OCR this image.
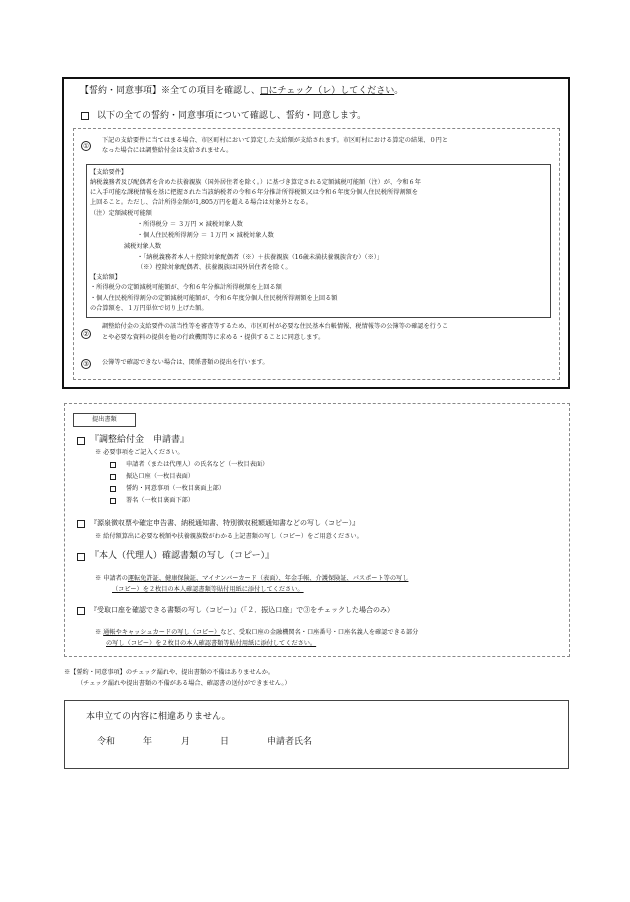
【誓約・同意事項】※全ての項目を確認し、□にチェック（レ）してください。
以下の全ての誓約・同意事項について確認し、誓約・同意します。
①
下記の支給要件に当てはまる場合、市区町村において算定した支給額が支給されます。市区町村における算定の結果、０円と
なった場合には調整給付金は支給されません。
【支給要件】
納税義務者及び配偶者を含めた扶養親族（国外居住者を除く。）に基づき算定される定額減税可能額（注）が、令和６年
に入手可能な課税情報を基に把握された当該納税者の令和６年分推計所得税額又は令和６年度分個人住民税所得割額を
上回ること。ただし、合計所得金額が1,805万円を超える場合は対象外となる。
（注）定額減税可能額
・所得税分 ＝ ３万円 × 減税対象人数
・個人住民税所得割分 ＝ １万円 × 減税対象人数
減税対象人数
・「納税義務者本人＋控除対象配偶者（※）＋扶養親族（16歳未満扶養親族含む）（※）」
（※）控除対象配偶者、扶養親族は国外居住者を除く。
【支給額】
・所得税分の定額減税可能額が、令和６年分推計所得税額を上回る額
・個人住民税所得割分の定額減税可能額が、令和６年度分個人住民税所得割額を上回る額
の合算額を、１万円単位で切り上げた額。
②
調整給付金の支給要件の該当性等を審査等するため、市区町村が必要な住民基本台帳情報、税情報等の公簿等の確認を行うこ
とや必要な資料の提供を他の行政機関等に求める・提供することに同意します。
③	公簿等で確認できない場合は、関係書類の提出を行います。
提出書類
『調整給付金　申請書』
※ 必要事項をご記入ください。
申請者（または代理人）の氏名など（一枚目表面）
振込口座（一枚目表面）
誓約・同意事項（一枚目裏面上部）
署名（一枚目裏面下部）
『源泉徴収票や確定申告書、納税通知書、特別徴収税額通知書などの写し（コピー）』
※ 給付額算出に必要な税額や扶養親族数がわかる上記書類の写し（コピー）をご用意ください。
『本人（代理人）確認書類の写し（コピー）』
※ 申請者の運転免許証、健康保険証、マイナンバーカード（表面）、年金手帳、介護保険証、パスポート等の写し
（コピー）を２枚目の本人確認書類等貼付用紙に添付してください。
『受取口座を確認できる書類の写し（コピー）』（「２．振込口座」で③をチェックした場合のみ）
※ 通帳やキャッシュカードの写し（コピー）など、受取口座の金融機関名・口座番号・口座名義人を確認できる部分
の写し（コピー）を２枚目の本人確認書類等貼付用紙に添付してください。
※【誓約・同意事項】のチェック漏れや、提出書類の不備はありませんか。
（チェック漏れや提出書類の不備がある場合、確認書の送付ができません。）
本申立ての内容に相違ありません。
令和	年	月	日	申請者氏名
